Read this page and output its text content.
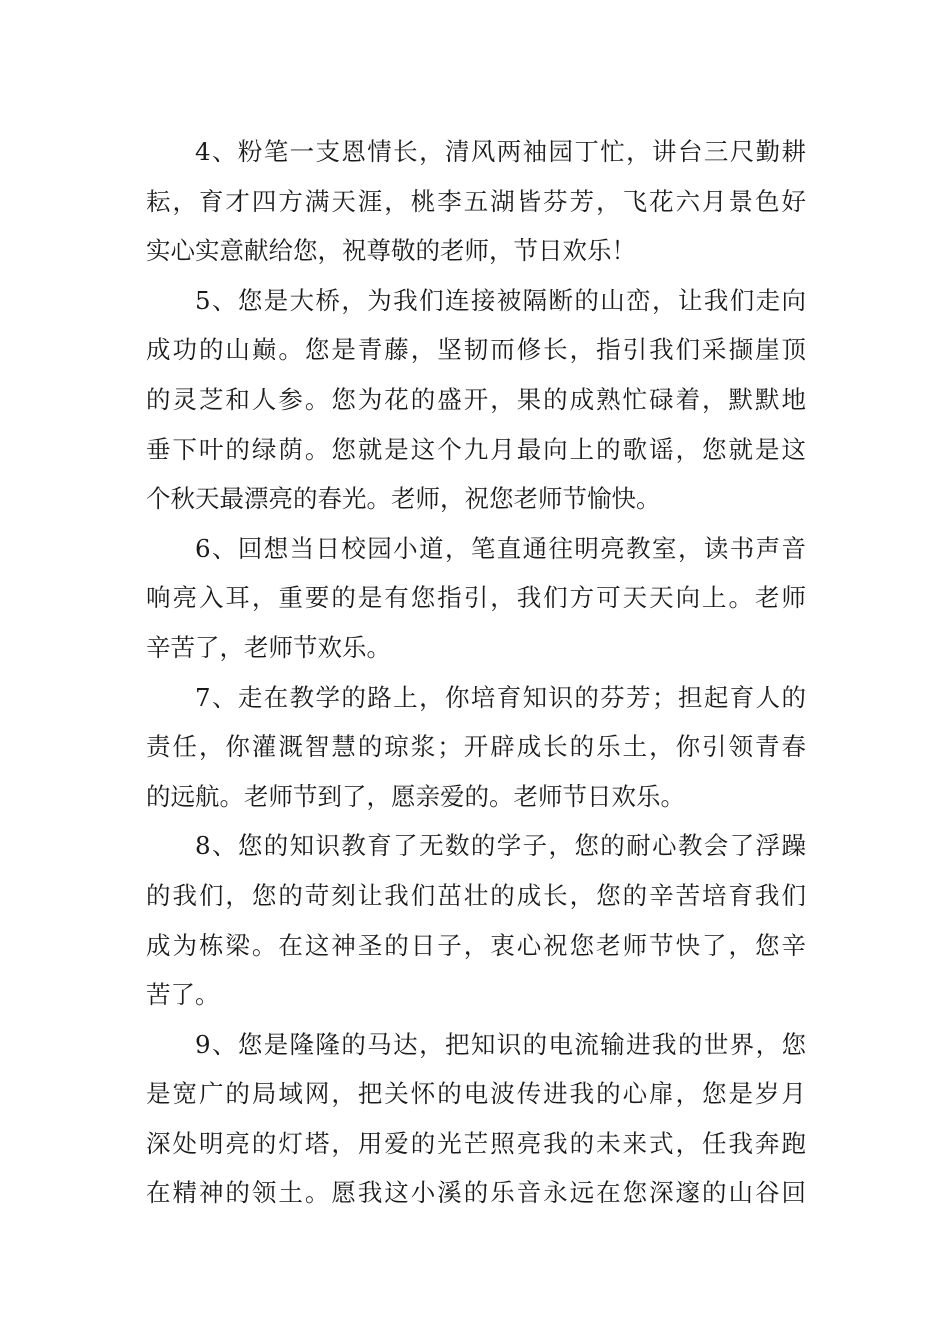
4、粉笔一支恩情长，清风两袖园丁忙，讲台三尺勤耕
耘，育才四方满天涯，桃李五湖皆芬芳，飞花六月景色好
实心实意献给您，祝尊敬的老师，节日欢乐！
5、您是大桥，为我们连接被隔断的山峦，让我们走向
成功的山巅。您是青藤，坚韧而修长，指引我们采撷崖顶
的灵芝和人参。您为花的盛开，果的成熟忙碌着，默默地
垂下叶的绿荫。您就是这个九月最向上的歌谣，您就是这
个秋天最漂亮的春光。老师，祝您老师节愉快。
6、回想当日校园小道，笔直通往明亮教室，读书声音
响亮入耳，重要的是有您指引，我们方可天天向上。老师
辛苦了，老师节欢乐。
7、走在教学的路上，你培育知识的芬芳；担起育人的
责任，你灌溉智慧的琼浆；开辟成长的乐土，你引领青春
的远航。老师节到了，愿亲爱的。老师节日欢乐。
8、您的知识教育了无数的学子，您的耐心教会了浮躁
的我们，您的苛刻让我们茁壮的成长，您的辛苦培育我们
成为栋梁。在这神圣的日子，衷心祝您老师节快了，您辛
苦了。
9、您是隆隆的马达，把知识的电流输进我的世界，您
是宽广的局域网，把关怀的电波传进我的心扉，您是岁月
深处明亮的灯塔，用爱的光芒照亮我的未来式，任我奔跑
在精神的领土。愿我这小溪的乐音永远在您深邃的山谷回
